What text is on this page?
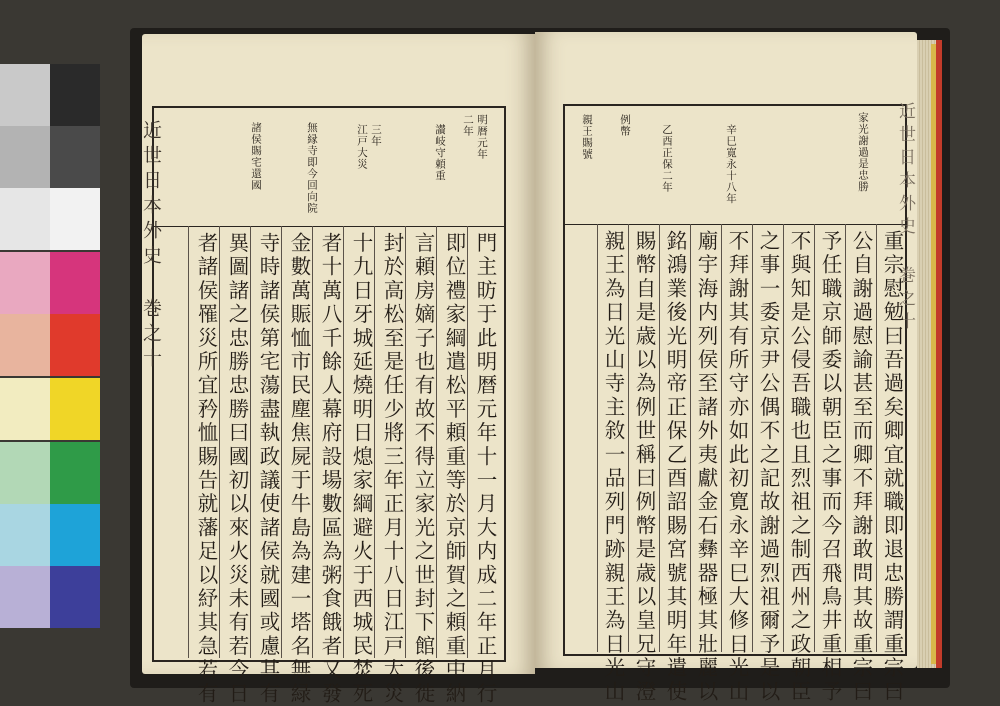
近世日本外史 巻之十	明暦元年
二年
讃岐守頼重
三年
江戸大災
無縁寺即今回向院
諸侯賜宅還國
門主昉于此明暦元年十一月大内成二年正月行
即位禮家綱遣松平頼重等於京師賀之頼重中納
言頼房嫡子也有故不得立家光之世封下館後徙
封於高松至是任少將三年正月十八日江戸大災
十九日牙城延燒明日熄家綱避火于西城民焚死
者十萬八千餘人幕府設場數區為粥食餓者又發
金數萬賑恤市民塵焦屍于牛島為建一塔名無緑
寺時諸侯第宅蕩盡執政議使諸侯就國或慮其有
異圖諸之忠勝忠勝曰國初以來火災未有若今日
者諸侯罹災所宜矜恤賜告就藩足以紓其急若有
近世日本外史 巻之十
家光謝過是忠勝
辛巳寛永十八年
乙酉正保二年
例幣
親王賜號
重宗慰勉曰吾過矣卿宜就職即退忠勝謂重宗曰
公自謝過慰諭甚至而卿不拜謝敢問其故重宗曰
予任職京師委以朝臣之事而今召飛鳥井重相予
不與知是公侵吾職也且烈祖之制西州之政朝臣
之事一委京尹公偶不之記故謝過烈祖爾予是以
不拜謝其有所守亦如此初寛永辛巳大修日光山
廟宇海内列侯至諸外夷獻金石彝器極其壯麗以
銘鴻業後光明帝正保乙酉詔賜宮號其明年遣使
賜幣自是歳以為例世稱曰例幣是歳以皇兄守澄
親王為日光山寺主敘一品列門跡親王為日光山
